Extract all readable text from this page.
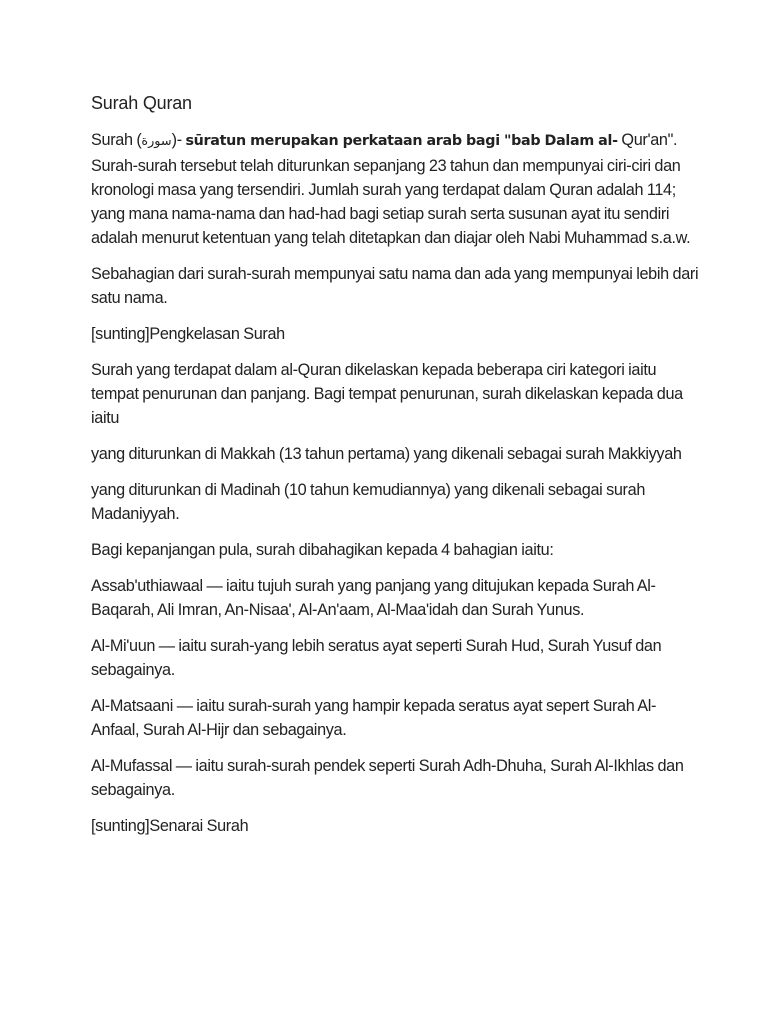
Surah Quran

Surah (سورة)- sūratun merupakan perkataan arab bagi "bab Dalam al- Qur'an". Surah-surah tersebut telah diturunkan sepanjang 23 tahun dan mempunyai ciri-ciri dan kronologi masa yang tersendiri. Jumlah surah yang terdapat dalam Quran adalah 114; yang mana nama-nama dan had-had bagi setiap surah serta susunan ayat itu sendiri adalah menurut ketentuan yang telah ditetapkan dan diajar oleh Nabi Muhammad s.a.w.

Sebahagian dari surah-surah mempunyai satu nama dan ada yang mempunyai lebih dari satu nama.

[sunting]Pengkelasan Surah

Surah yang terdapat dalam al-Quran dikelaskan kepada beberapa ciri kategori iaitu tempat penurunan dan panjang. Bagi tempat penurunan, surah dikelaskan kepada dua iaitu

yang diturunkan di Makkah (13 tahun pertama) yang dikenali sebagai surah Makkiyyah

yang diturunkan di Madinah (10 tahun kemudiannya) yang dikenali sebagai surah Madaniyyah.

Bagi kepanjangan pula, surah dibahagikan kepada 4 bahagian iaitu:

Assab'uthiawaal — iaitu tujuh surah yang panjang yang ditujukan kepada Surah Al-Baqarah, Ali Imran, An-Nisaa', Al-An'aam, Al-Maa'idah dan Surah Yunus.

Al-Mi'uun — iaitu surah-yang lebih seratus ayat seperti Surah Hud, Surah Yusuf dan sebagainya.

Al-Matsaani — iaitu surah-surah yang hampir kepada seratus ayat sepert Surah Al-Anfaal, Surah Al-Hijr dan sebagainya.

Al-Mufassal — iaitu surah-surah pendek seperti Surah Adh-Dhuha, Surah Al-Ikhlas dan sebagainya.

[sunting]Senarai Surah
